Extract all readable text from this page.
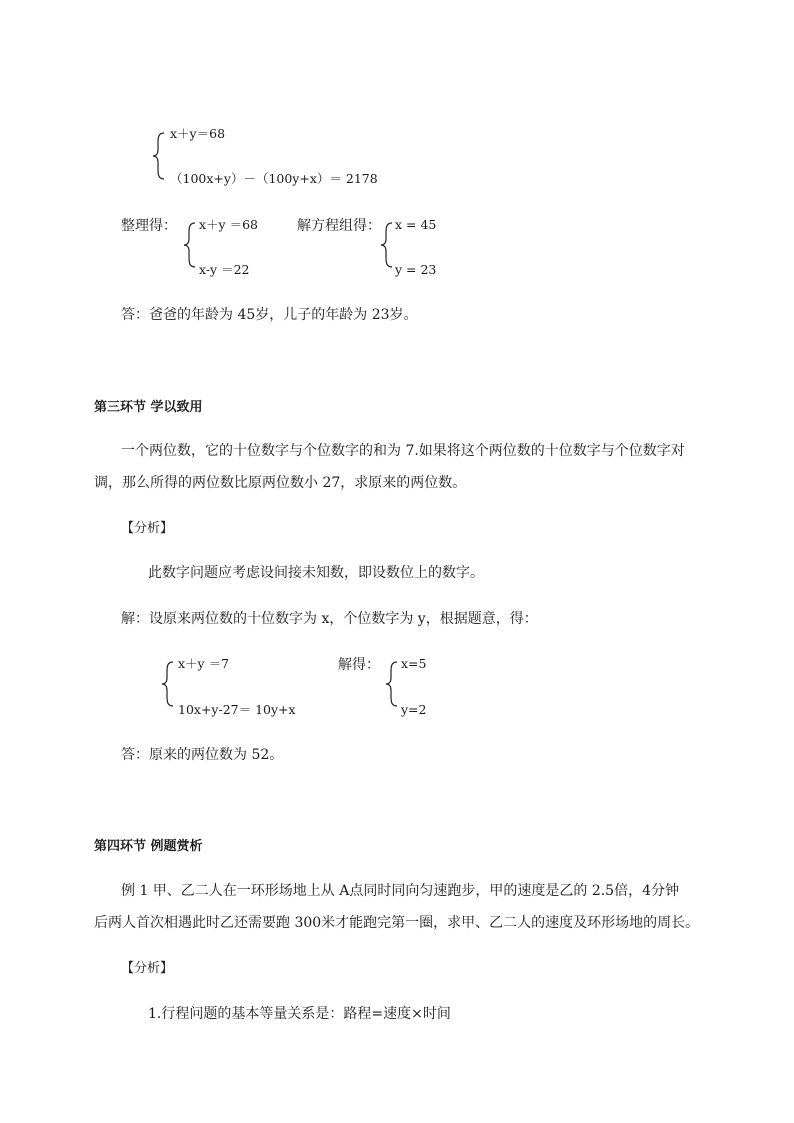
x＋y＝68
（100x+y）－（100y+x）＝ 2178
整理得： x＋y ＝68
x-y ＝22
解方程组得： x = 45
y = 23
答：爸爸的年龄为 45岁，儿子的年龄为 23岁。
第三环节 学以致用
一个两位数，它的十位数字与个位数字的和为 7.如果将这个两位数的十位数字与个位数字对
调，那么所得的两位数比原两位数小 27，求原来的两位数。
【分析】
此数字问题应考虑设间接未知数，即设数位上的数字。
解：设原来两位数的十位数字为 x，个位数字为 y，根据题意，得：
x＋y ＝7
10x+y-27＝ 10y+x
解得： x=5
y=2
答：原来的两位数为 52。
第四环节 例题赏析
例 1 甲、乙二人在一环形场地上从 A点同时同向匀速跑步，甲的速度是乙的 2.5倍，4分钟
后两人首次相遇此时乙还需要跑 300米才能跑完第一圈，求甲、乙二人的速度及环形场地的周长。
【分析】
1.行程问题的基本等量关系是：路程=速度×时间
